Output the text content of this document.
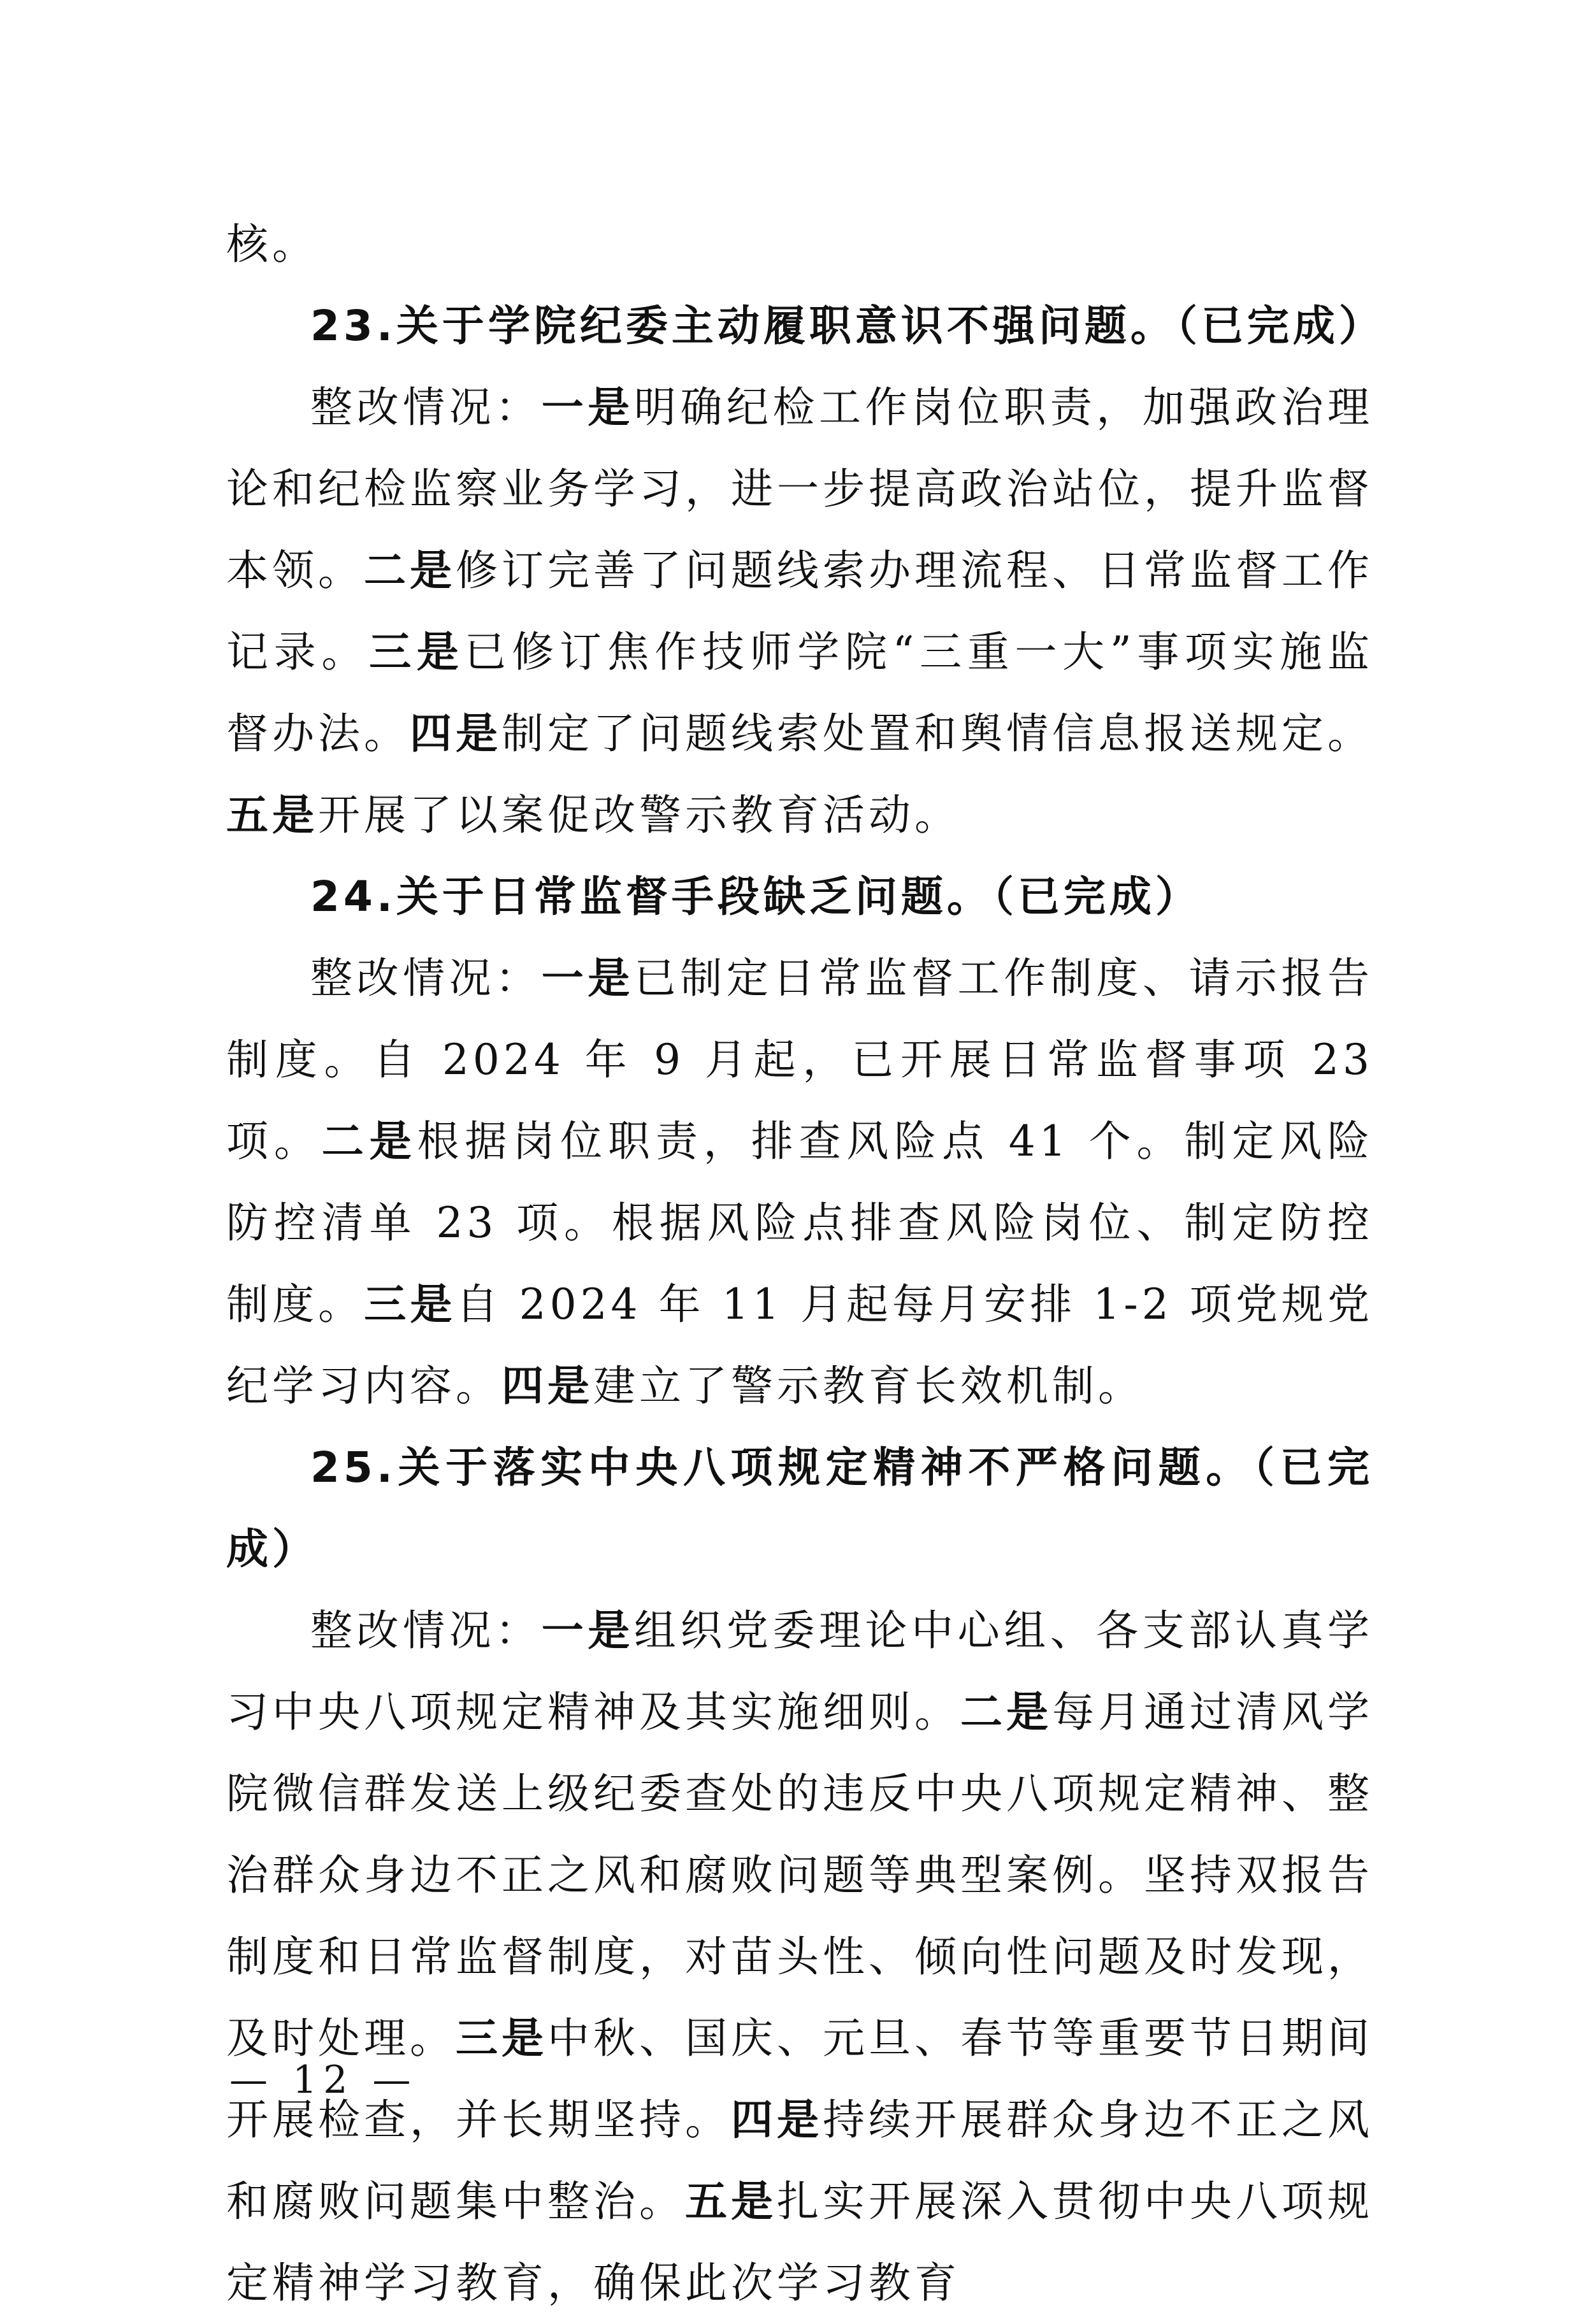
核。

23.关于学院纪委主动履职意识不强问题。（已完成）

整改情况：一是明确纪检工作岗位职责，加强政治理论和纪检监察业务学习，进一步提高政治站位，提升监督本领。二是修订完善了问题线索办理流程、日常监督工作记录。三是已修订焦作技师学院“三重一大”事项实施监督办法。四是制定了问题线索处置和舆情信息报送规定。五是开展了以案促改警示教育活动。

24.关于日常监督手段缺乏问题。（已完成）

整改情况：一是已制定日常监督工作制度、请示报告制度。自 2024 年 9 月起，已开展日常监督事项 23 项。二是根据岗位职责，排查风险点 41 个。制定风险防控清单 23 项。根据风险点排查风险岗位、制定防控制度。三是自 2024 年 11 月起每月安排 1-2 项党规党纪学习内容。四是建立了警示教育长效机制。

25.关于落实中央八项规定精神不严格问题。（已完成）

整改情况：一是组织党委理论中心组、各支部认真学习中央八项规定精神及其实施细则。二是每月通过清风学院微信群发送上级纪委查处的违反中央八项规定精神、整治群众身边不正之风和腐败问题等典型案例。坚持双报告制度和日常监督制度，对苗头性、倾向性问题及时发现，及时处理。三是中秋、国庆、元旦、春节等重要节日期间开展检查，并长期坚持。四是持续开展群众身边不正之风和腐败问题集中整治。五是扎实开展深入贯彻中央八项规定精神学习教育，确保此次学习教育

— 12 —
